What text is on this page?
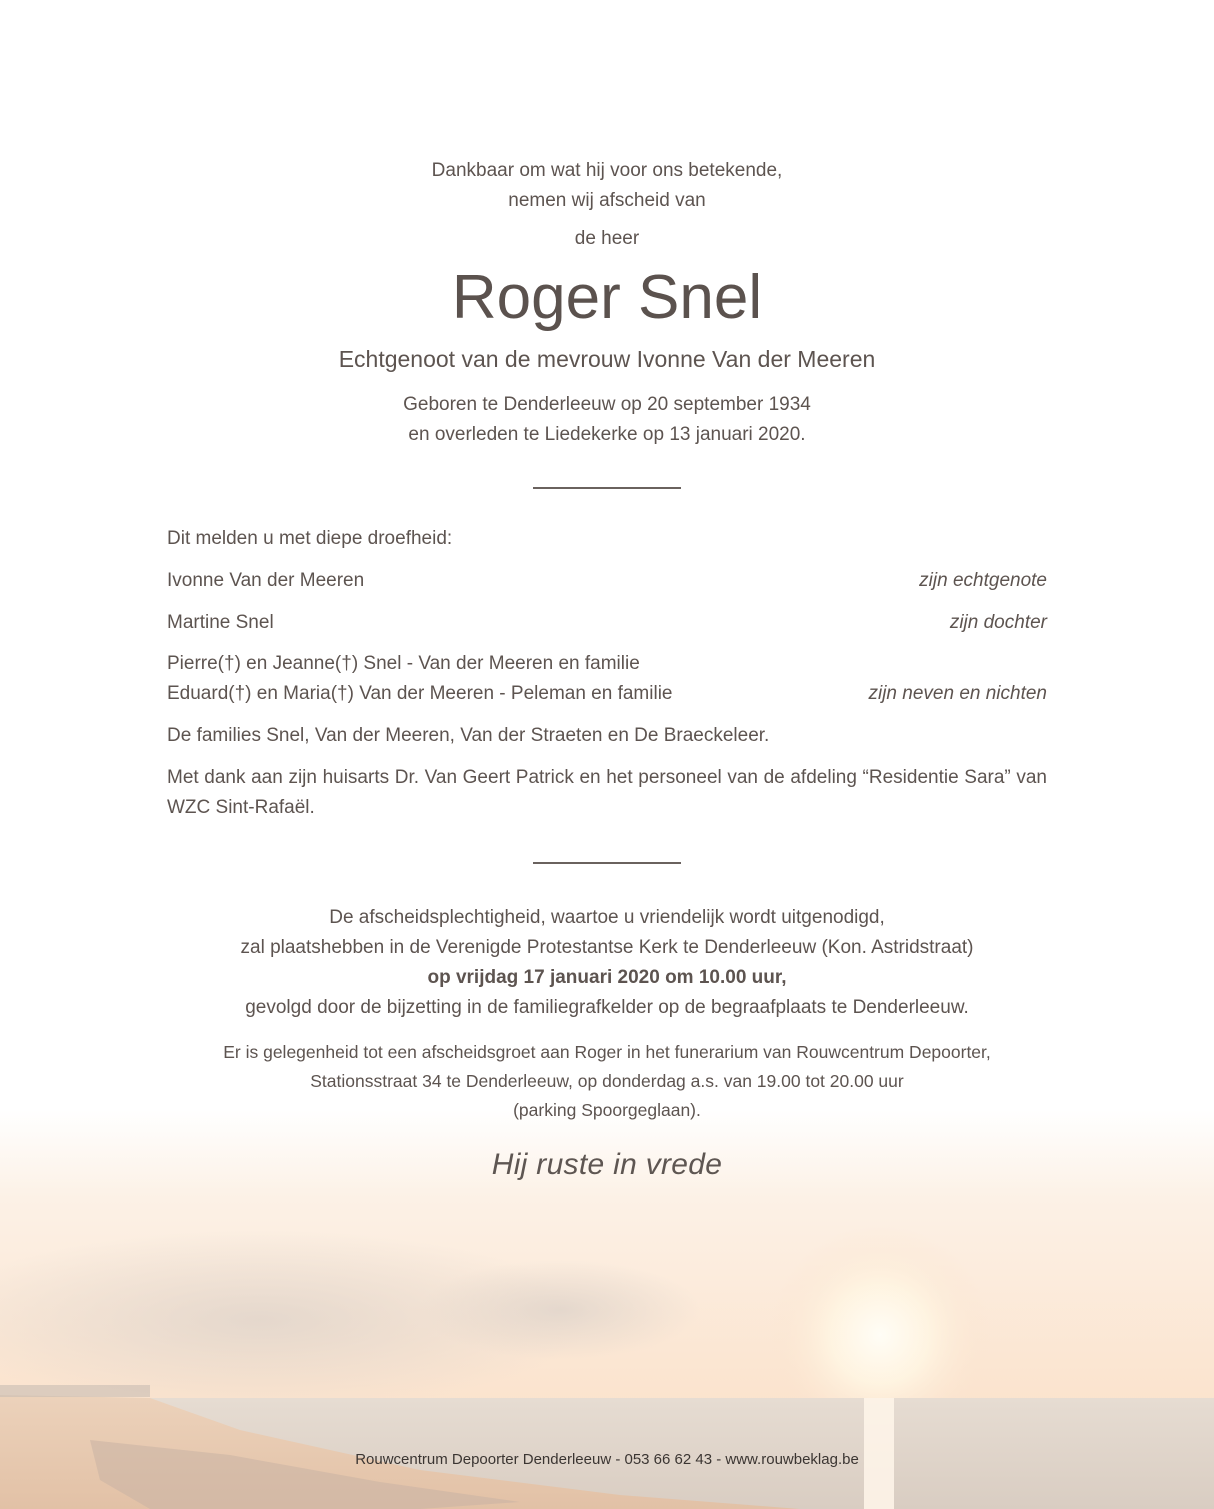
Dankbaar om wat hij voor ons betekende,
nemen wij afscheid van
de heer
Roger Snel
Echtgenoot van de mevrouw Ivonne Van der Meeren
Geboren te Denderleeuw op 20 september 1934
en overleden te Liedekerke op 13 januari 2020.
Dit melden u met diepe droefheid:
Ivonne Van der Meeren	zijn echtgenote
Martine Snel	zijn dochter
Pierre(†) en Jeanne(†) Snel - Van der Meeren en familie
Eduard(†) en Maria(†) Van der Meeren - Peleman en familie	zijn neven en nichten
De families Snel, Van der Meeren, Van der Straeten en De Braeckeleer.
Met dank aan zijn huisarts Dr. Van Geert Patrick en het personeel van de afdeling “Residentie Sara” van WZC Sint-Rafaël.
De afscheidsplechtigheid, waartoe u vriendelijk wordt uitgenodigd,
zal plaatshebben in de Verenigde Protestantse Kerk te Denderleeuw (Kon. Astridstraat)
op vrijdag 17 januari 2020 om 10.00 uur,
gevolgd door de bijzetting in de familiegrafkelder op de begraafplaats te Denderleeuw.
Er is gelegenheid tot een afscheidsgroet aan Roger in het funerarium van Rouwcentrum Depoorter,
Stationsstraat 34 te Denderleeuw, op donderdag a.s. van 19.00 tot 20.00 uur
(parking Spoorgeglaan).
Hij ruste in vrede
Rouwcentrum Depoorter Denderleeuw - 053 66 62 43 - www.rouwbeklag.be
